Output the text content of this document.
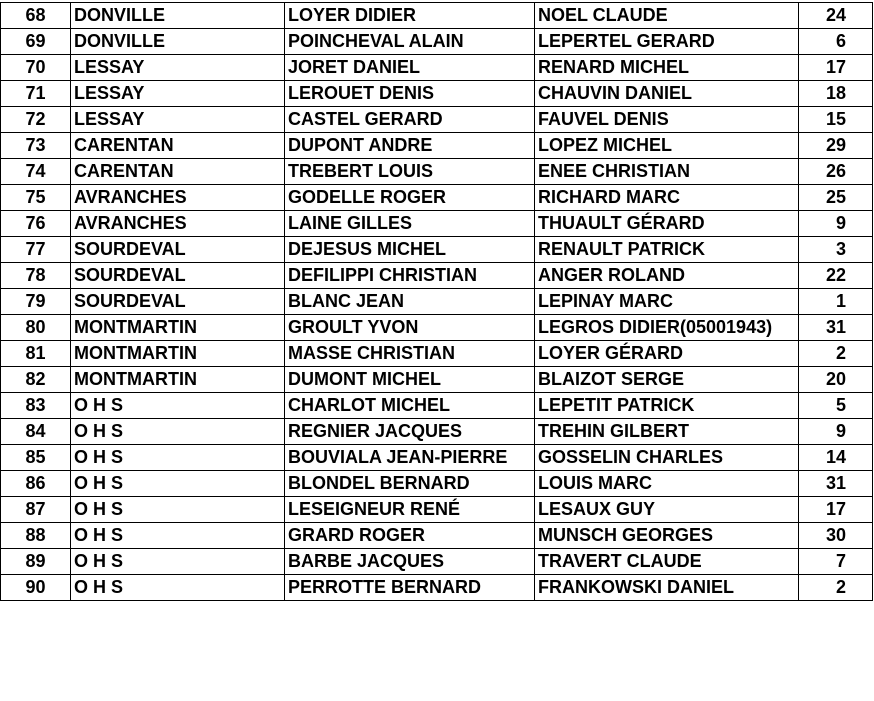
68	DONVILLE	LOYER DIDIER	NOEL CLAUDE	24
69	DONVILLE	POINCHEVAL ALAIN	LEPERTEL GERARD	6
70	LESSAY	JORET DANIEL	RENARD MICHEL	17
71	LESSAY	LEROUET DENIS	CHAUVIN DANIEL	18
72	LESSAY	CASTEL GERARD	FAUVEL DENIS	15
73	CARENTAN	DUPONT ANDRE	LOPEZ MICHEL	29
74	CARENTAN	TREBERT LOUIS	ENEE CHRISTIAN	26
75	AVRANCHES	GODELLE ROGER	RICHARD MARC	25
76	AVRANCHES	LAINE GILLES	THUAULT GÉRARD	9
77	SOURDEVAL	DEJESUS MICHEL	RENAULT PATRICK	3
78	SOURDEVAL	DEFILIPPI CHRISTIAN	ANGER ROLAND	22
79	SOURDEVAL	BLANC JEAN	LEPINAY MARC	1
80	MONTMARTIN	GROULT YVON	LEGROS DIDIER(05001943)	31
81	MONTMARTIN	MASSE CHRISTIAN	LOYER GÉRARD	2
82	MONTMARTIN	DUMONT MICHEL	BLAIZOT SERGE	20
83	O H S	CHARLOT MICHEL	LEPETIT PATRICK	5
84	O H S	REGNIER JACQUES	TREHIN GILBERT	9
85	O H S	BOUVIALA JEAN-PIERRE	GOSSELIN CHARLES	14
86	O H S	BLONDEL BERNARD	LOUIS MARC	31
87	O H S	LESEIGNEUR RENÉ	LESAUX GUY	17
88	O H S	GRARD ROGER	MUNSCH GEORGES	30
89	O H S	BARBE JACQUES	TRAVERT CLAUDE	7
90	O H S	PERROTTE BERNARD	FRANKOWSKI DANIEL	2
